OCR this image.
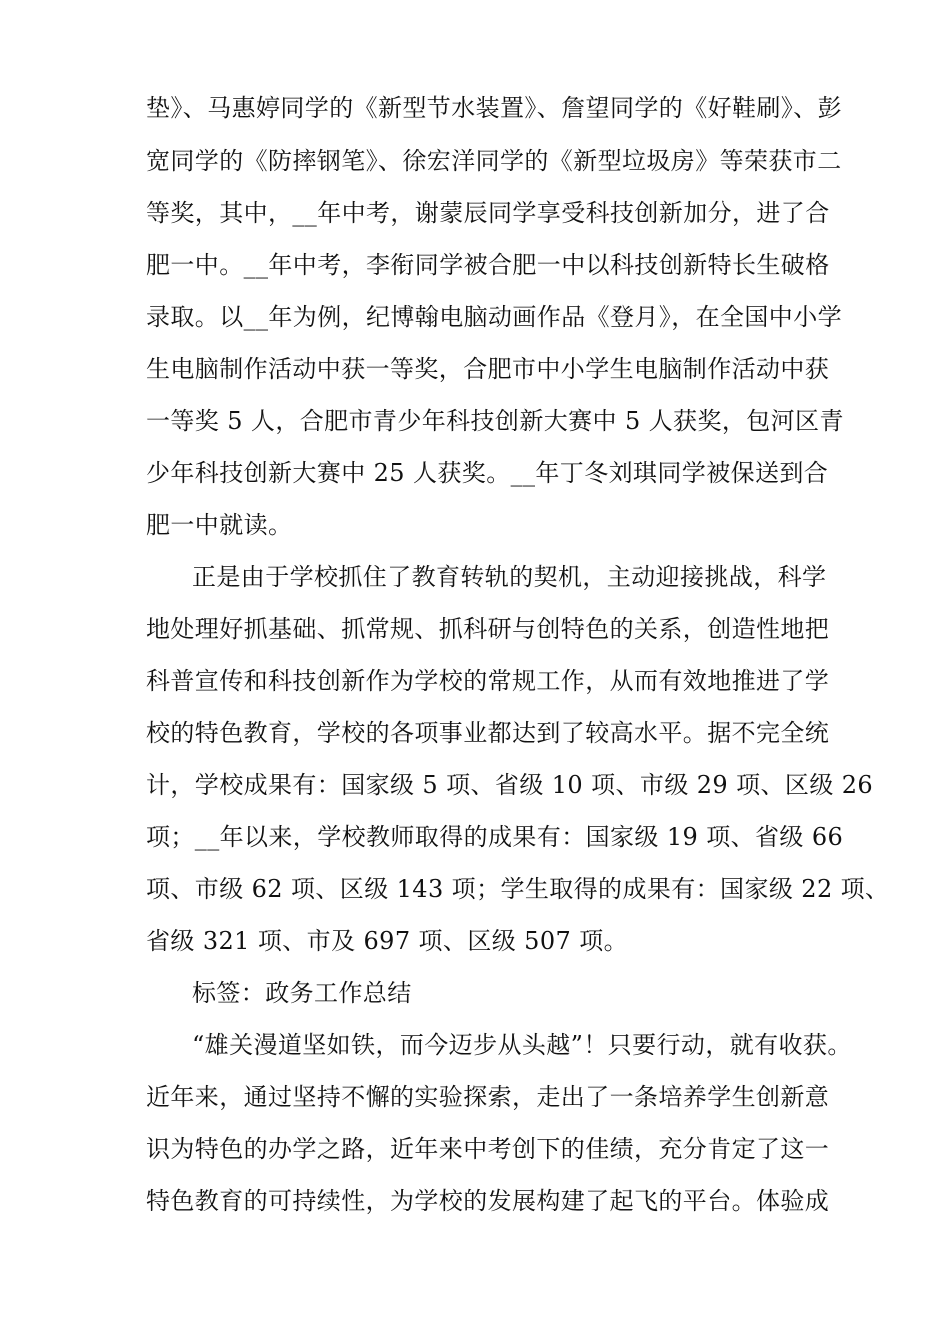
垫》、马惠婷同学的《新型节水装置》、詹望同学的《好鞋刷》、彭
宽同学的《防摔钢笔》、徐宏洋同学的《新型垃圾房》等荣获市二
等奖，其中，__年中考，谢蒙辰同学享受科技创新加分，进了合
肥一中。__年中考，李衔同学被合肥一中以科技创新特长生破格
录取。以__年为例，纪博翰电脑动画作品《登月》，在全国中小学
生电脑制作活动中获一等奖，合肥市中小学生电脑制作活动中获
一等奖 5 人，合肥市青少年科技创新大赛中 5 人获奖，包河区青
少年科技创新大赛中 25 人获奖。__年丁冬刘琪同学被保送到合
肥一中就读。
正是由于学校抓住了教育转轨的契机，主动迎接挑战，科学
地处理好抓基础、抓常规、抓科研与创特色的关系，创造性地把
科普宣传和科技创新作为学校的常规工作，从而有效地推进了学
校的特色教育，学校的各项事业都达到了较高水平。据不完全统
计，学校成果有：国家级 5 项、省级 10 项、市级 29 项、区级 26
项；__年以来，学校教师取得的成果有：国家级 19 项、省级 66
项、市级 62 项、区级 143 项；学生取得的成果有：国家级 22 项、
省级 321 项、市及 697 项、区级 507 项。
标签：政务工作总结
“雄关漫道坚如铁，而今迈步从头越”！只要行动，就有收获。
近年来，通过坚持不懈的实验探索，走出了一条培养学生创新意
识为特色的办学之路，近年来中考创下的佳绩，充分肯定了这一
特色教育的可持续性，为学校的发展构建了起飞的平台。体验成
